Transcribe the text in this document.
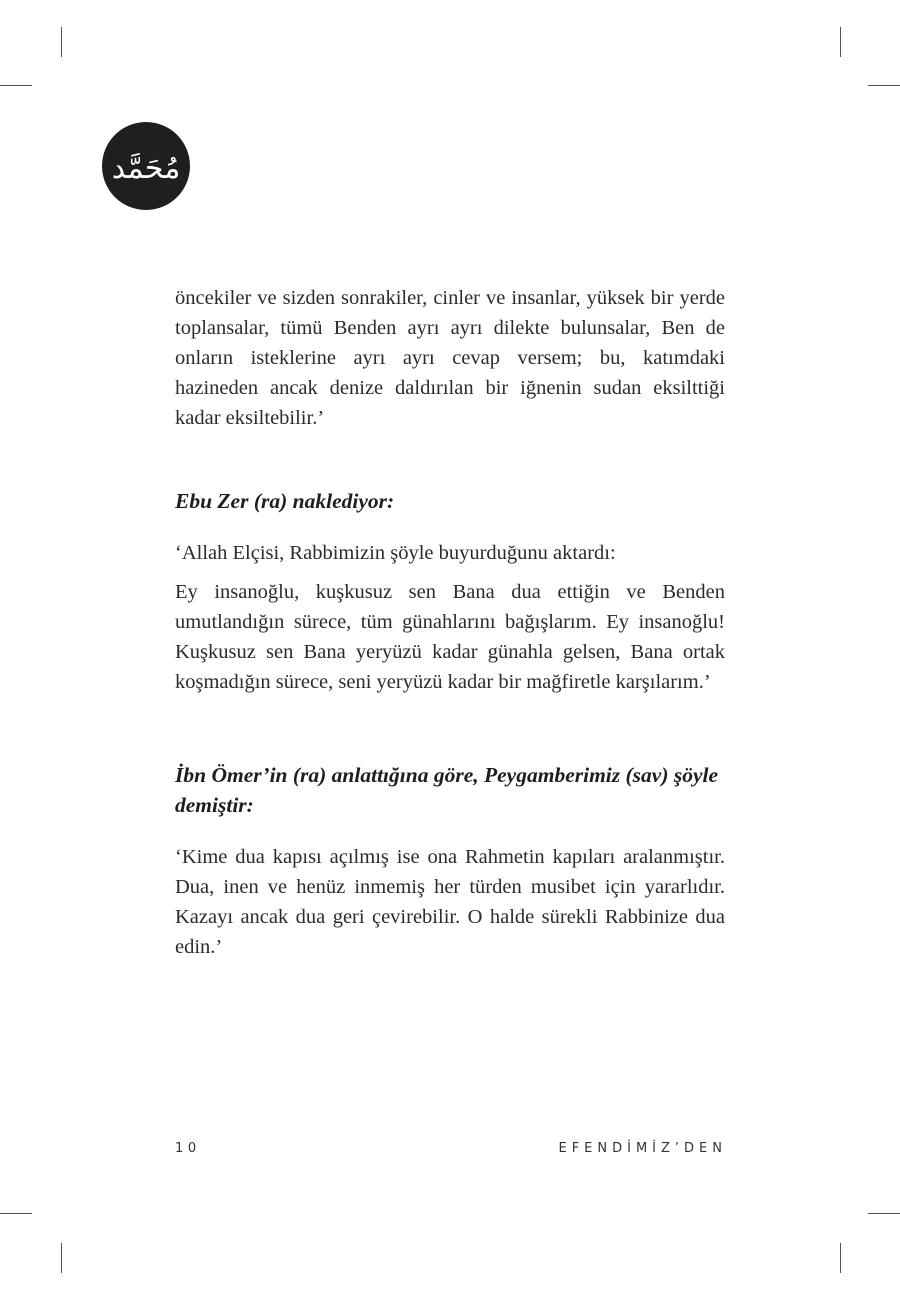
مُحَمَّد

öncekiler ve sizden sonrakiler, cinler ve insanlar, yüksek bir yerde toplansalar, tümü Benden ayrı ayrı dilekte bulunsalar, Ben de onların isteklerine ayrı ayrı cevap versem; bu, katımdaki hazineden ancak denize daldırılan bir iğnenin sudan eksilttiği kadar eksiltebilir.’

Ebu Zer (ra) naklediyor:

‘Allah Elçisi, Rabbimizin şöyle buyurduğunu aktardı:

Ey insanoğlu, kuşkusuz sen Bana dua ettiğin ve Benden umutlandığın sürece, tüm günahlarını bağışlarım. Ey insanoğlu! Kuşkusuz sen Bana yeryüzü kadar günahla gelsen, Bana ortak koşmadığın sürece, seni yeryüzü kadar bir mağfiretle karşılarım.’

İbn Ömer’in (ra) anlattığına göre, Peygamberimiz (sav) şöyle demiştir:

‘Kime dua kapısı açılmış ise ona Rahmetin kapıları aralanmıştır. Dua, inen ve henüz inmemiş her türden musibet için yararlıdır. Kazayı ancak dua geri çevirebilir. O halde sürekli Rabbinize dua edin.’

10	EFENDİMİZ’DEN
